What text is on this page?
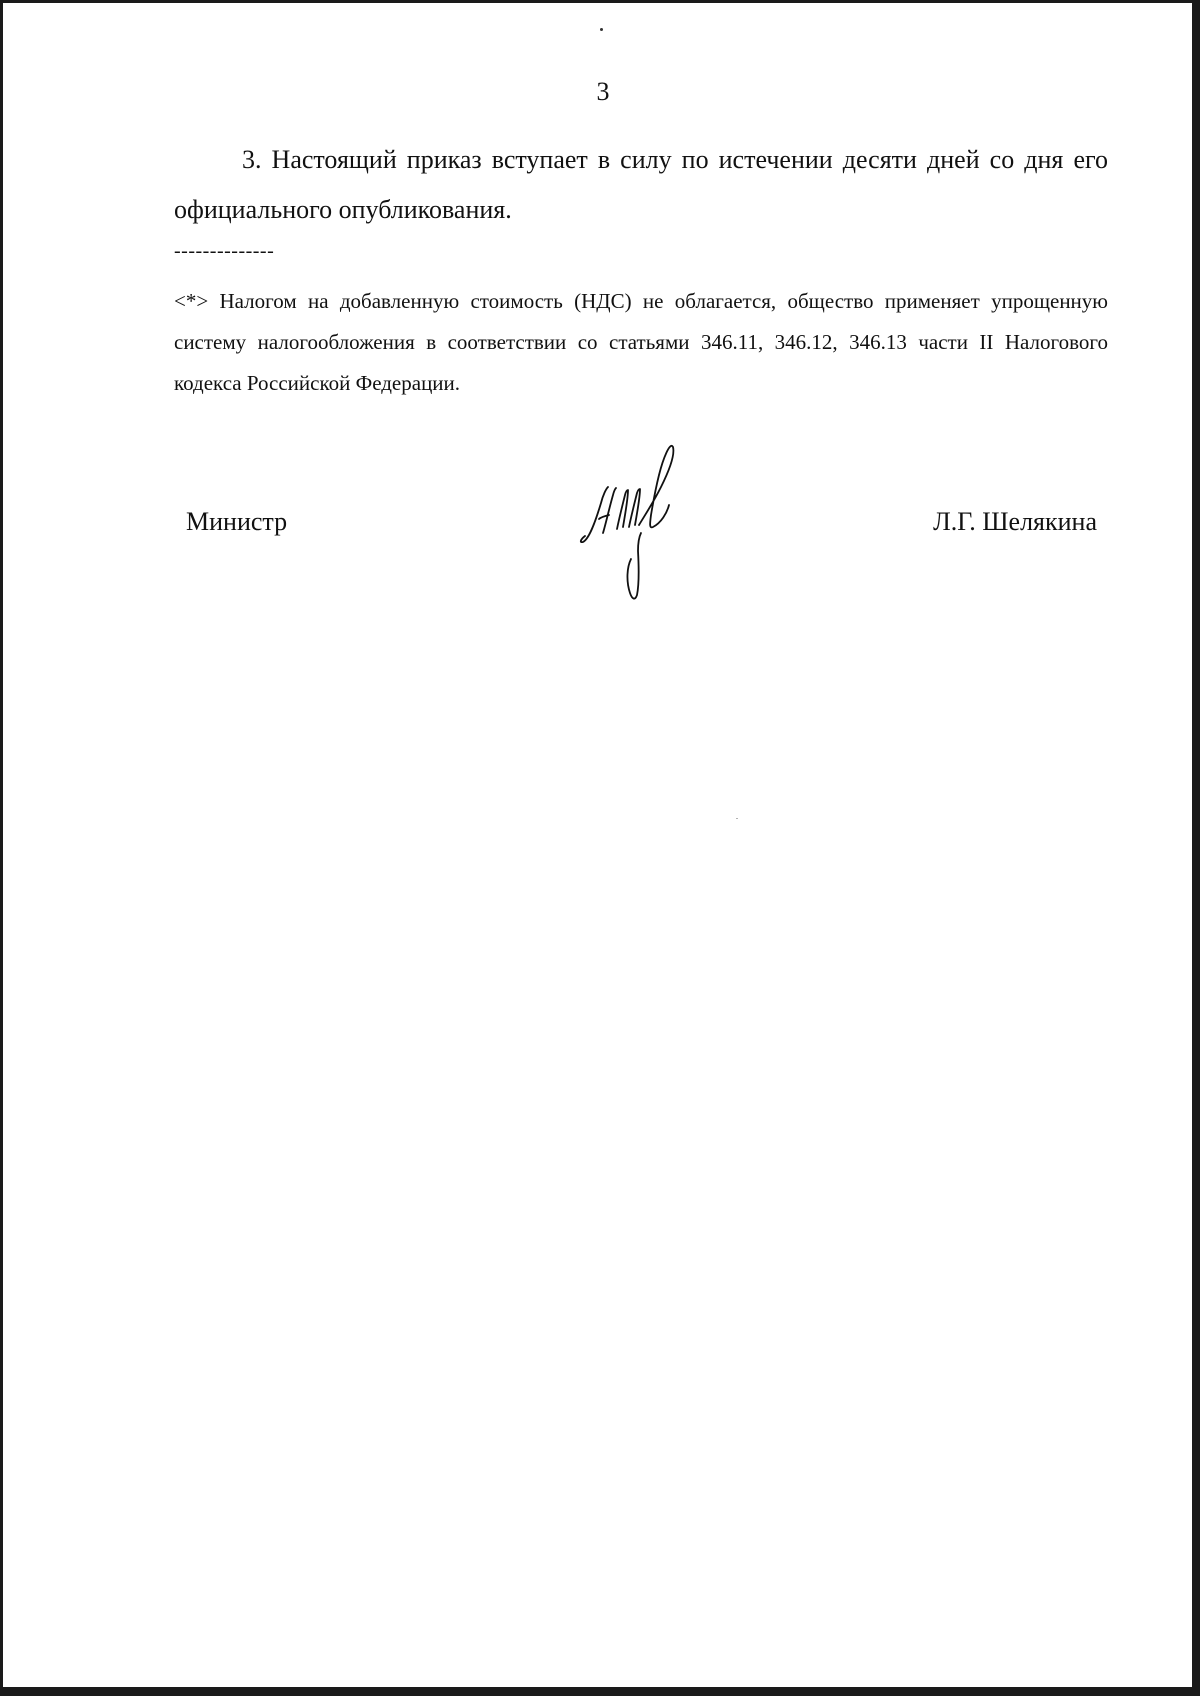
3

3. Настоящий приказ вступает в силу по истечении десяти дней со дня его официального опубликования.

--------------

<*> Налогом на добавленную стоимость (НДС) не облагается, общество применяет упрощенную систему налогообложения в соответствии со статьями 346.11, 346.12, 346.13 части II Налогового кодекса Российской Федерации.

Министр	Л.Г. Шелякина
